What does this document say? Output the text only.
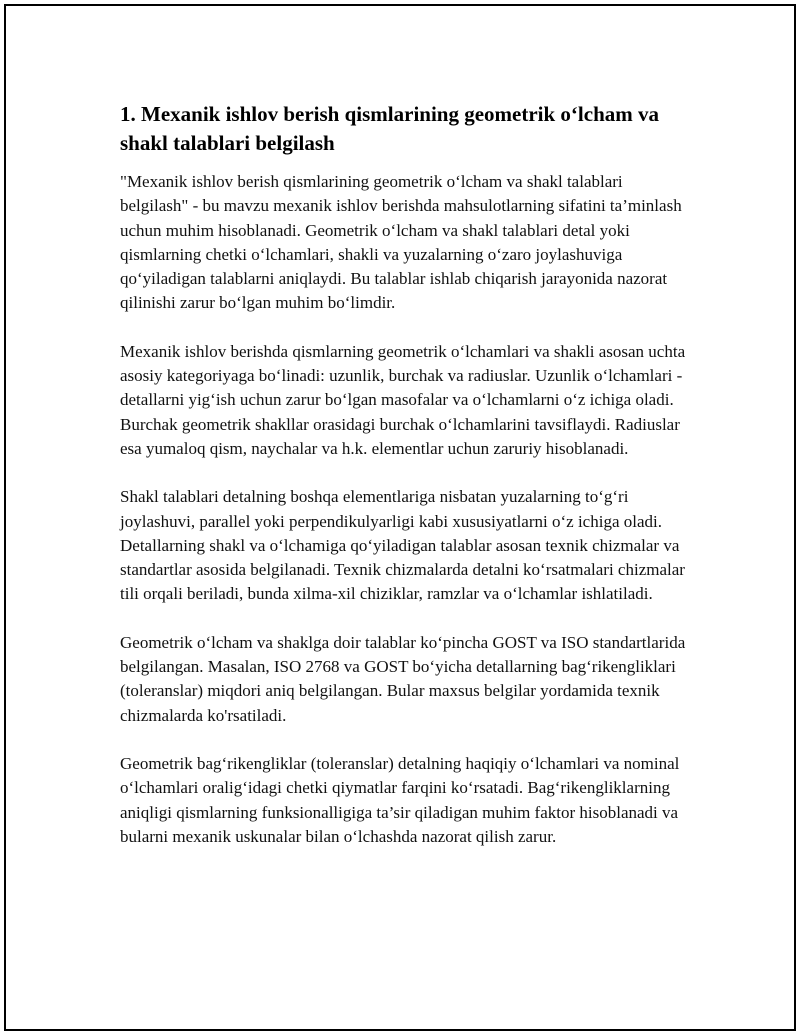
1. Mexanik ishlov berish qismlarining geometrik o‘lcham va shakl talablari belgilash

"Mexanik ishlov berish qismlarining geometrik o‘lcham va shakl talablari belgilash" - bu mavzu mexanik ishlov berishda mahsulotlarning sifatini ta’minlash uchun muhim hisoblanadi. Geometrik o‘lcham va shakl talablari detal yoki qismlarning chetki o‘lchamlari, shakli va yuzalarning o‘zaro joylashuviga qo‘yiladigan talablarni aniqlaydi. Bu talablar ishlab chiqarish jarayonida nazorat qilinishi zarur bo‘lgan muhim bo‘limdir.

Mexanik ishlov berishda qismlarning geometrik o‘lchamlari va shakli asosan uchta asosiy kategoriyaga bo‘linadi: uzunlik, burchak va radiuslar. Uzunlik o‘lchamlari - detallarni yig‘ish uchun zarur bo‘lgan masofalar va o‘lchamlarni o‘z ichiga oladi. Burchak geometrik shakllar orasidagi burchak o‘lchamlarini tavsiflaydi. Radiuslar esa yumaloq qism, naychalar va h.k. elementlar uchun zaruriy hisoblanadi.

Shakl talablari detalning boshqa elementlariga nisbatan yuzalarning to‘g‘ri joylashuvi, parallel yoki perpendikulyarligi kabi xususiyatlarni o‘z ichiga oladi. Detallarning shakl va o‘lchamiga qo‘yiladigan talablar asosan texnik chizmalar va standartlar asosida belgilanadi. Texnik chizmalarda detalni ko‘rsatmalari chizmalar tili orqali beriladi, bunda xilma-xil chiziklar, ramzlar va o‘lchamlar ishlatiladi.

Geometrik o‘lcham va shaklga doir talablar ko‘pincha GOST va ISO standartlarida belgilangan. Masalan, ISO 2768 va GOST bo‘yicha detallarning bag‘rikengliklari (toleranslar) miqdori aniq belgilangan. Bular maxsus belgilar yordamida texnik chizmalarda ko'rsatiladi.

Geometrik bag‘rikengliklar (toleranslar) detalning haqiqiy o‘lchamlari va nominal o‘lchamlari oralig‘idagi chetki qiymatlar farqini ko‘rsatadi. Bag‘rikengliklarning aniqligi qismlarning funksionalligiga ta’sir qiladigan muhim faktor hisoblanadi va bularni mexanik uskunalar bilan o‘lchashda nazorat qilish zarur.
